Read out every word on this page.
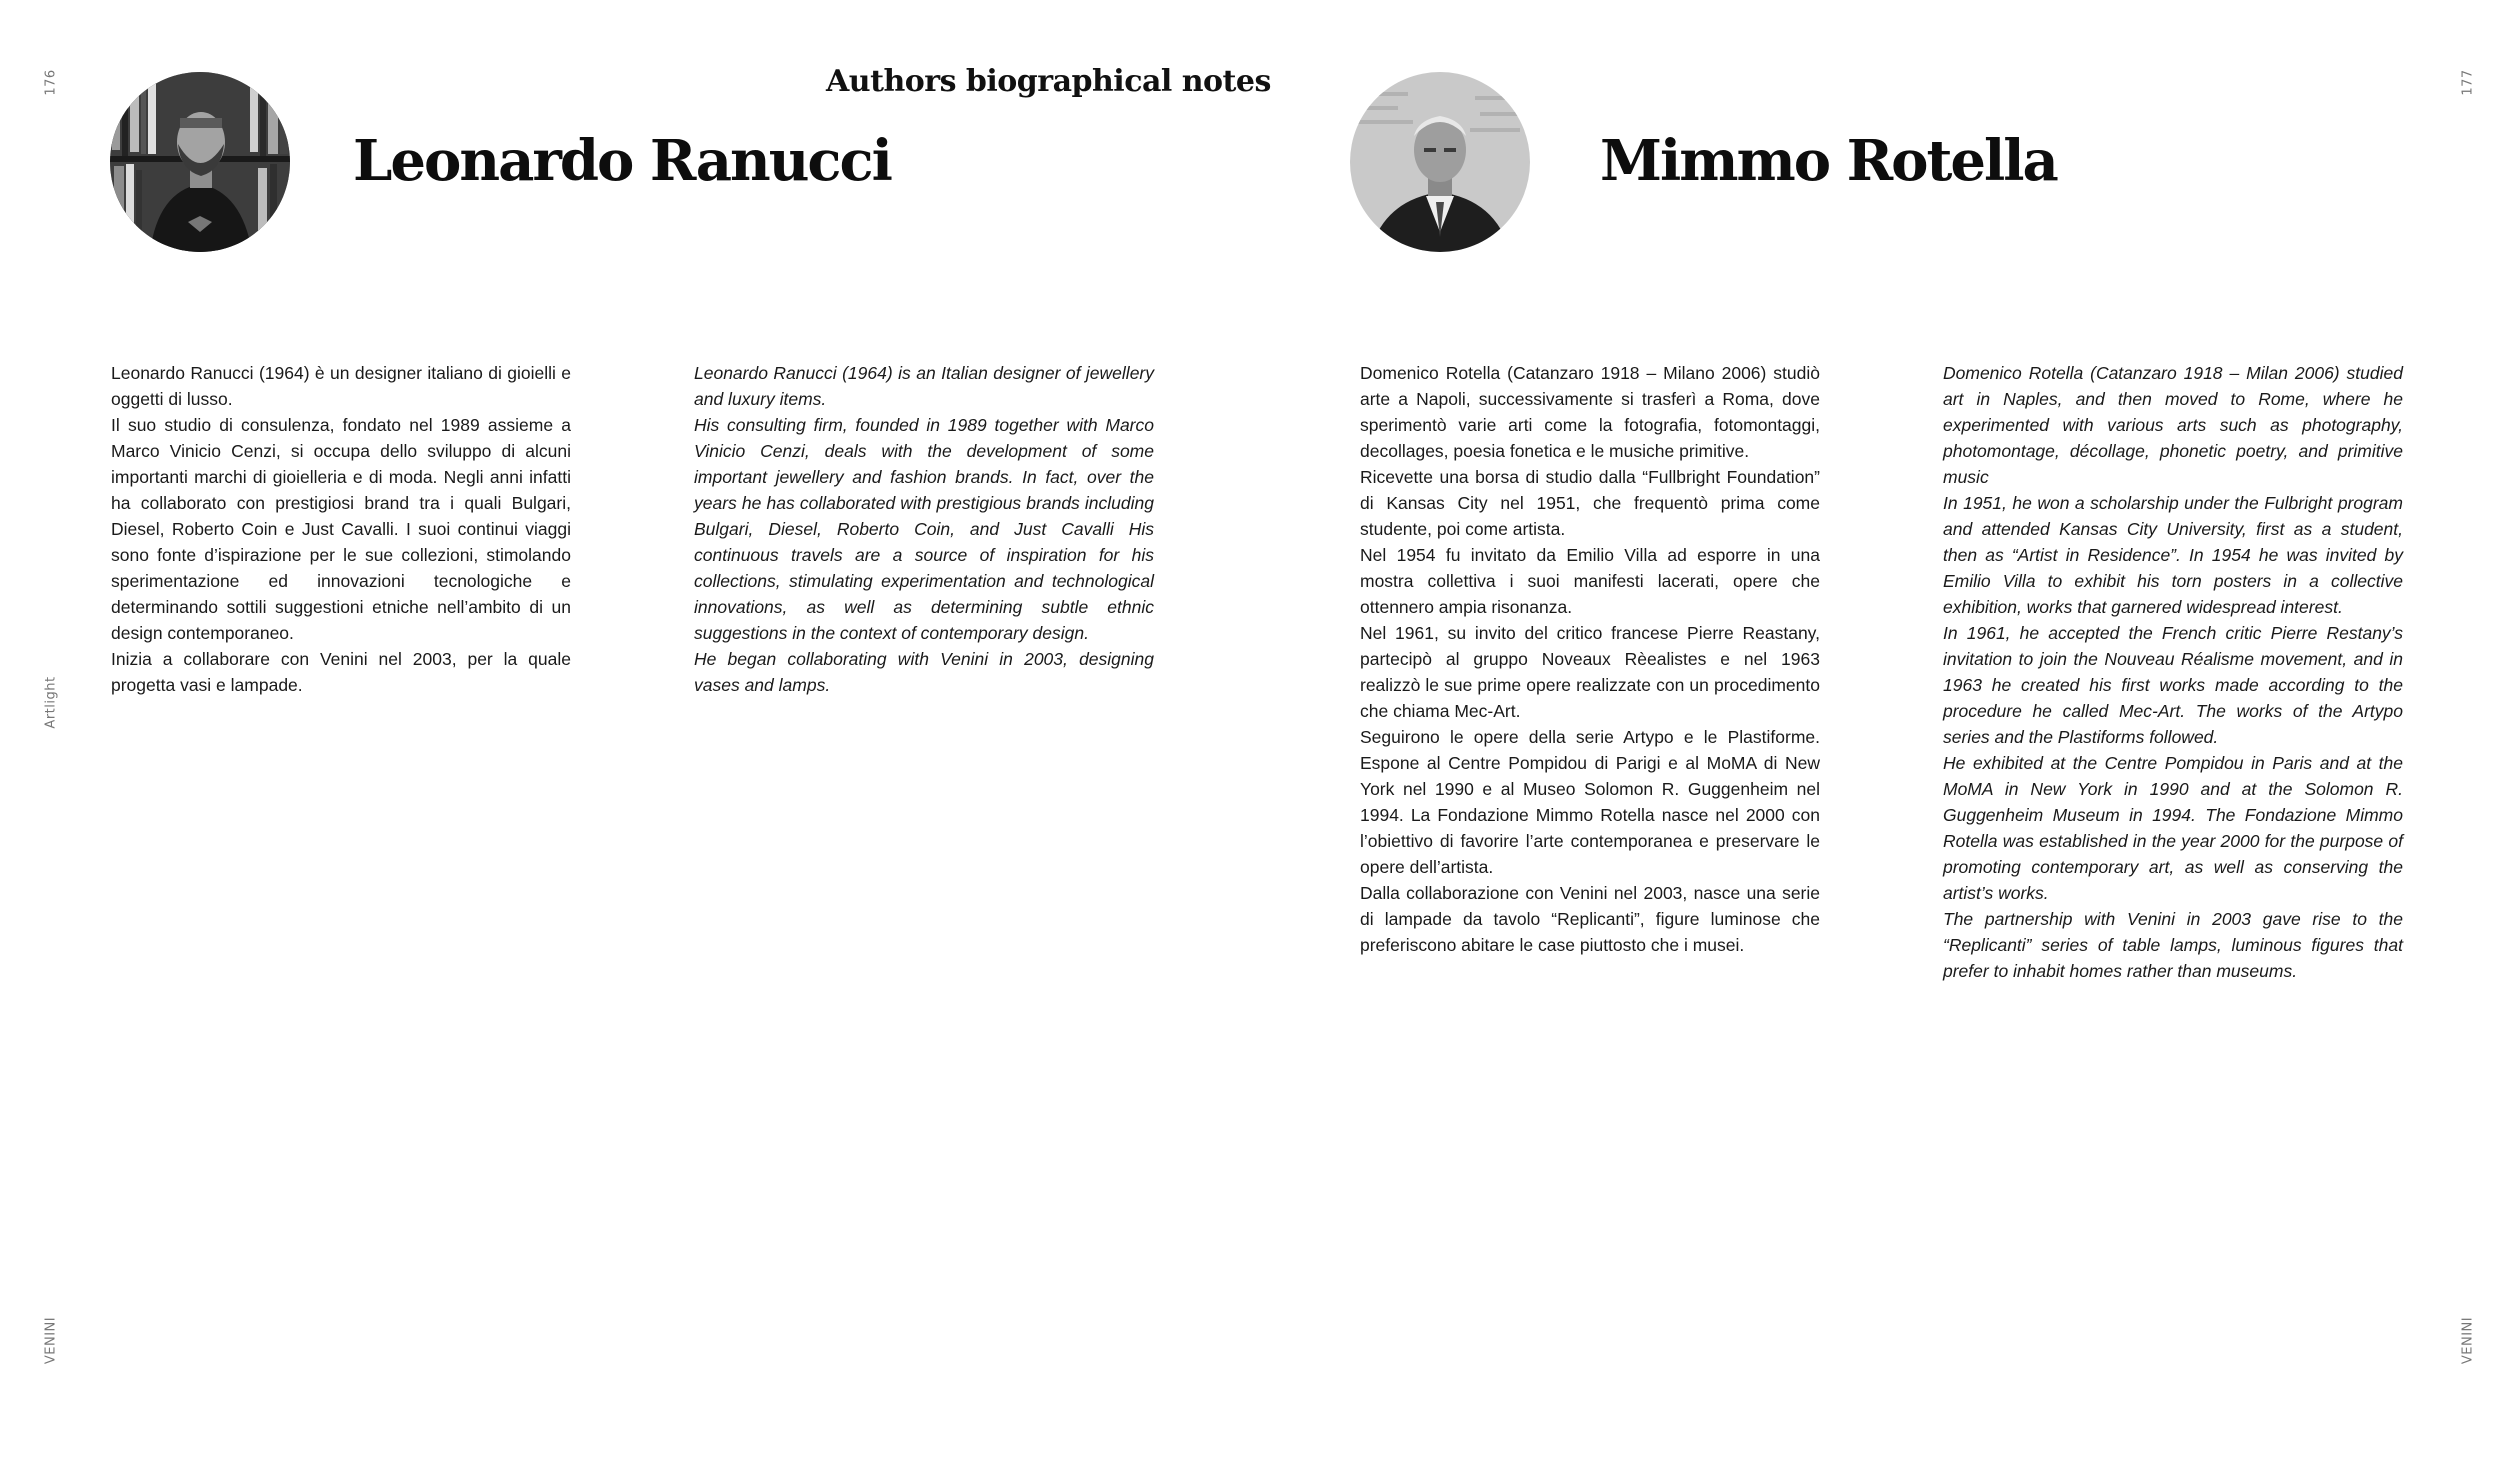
176	177
Artlight
VENINI	VENINI
Authors biographical notes
Leonardo Ranucci	Mimmo Rotella

Leonardo Ranucci (1964) è un designer italiano di gioielli e oggetti di lusso.

Il suo studio di consulenza, fondato nel 1989 assieme a Marco Vinicio Cenzi, si occupa dello sviluppo di alcuni importanti marchi di gioielleria e di moda. Negli anni infatti ha collaborato con prestigiosi brand tra i quali Bulgari, Diesel, Roberto Coin e Just Cavalli. I suoi continui viaggi sono fonte d’ispirazione per le sue collezioni, stimolando sperimentazione ed innovazioni tecnologiche e determinando sottili suggestioni etniche nell’ambito di un design contemporaneo.

Inizia a collaborare con Venini nel 2003, per la quale progetta vasi e lampade.

Leonardo Ranucci (1964) is an Italian designer of jewellery and luxury items.

His consulting firm, founded in 1989 together with Marco Vinicio Cenzi, deals with the development of some important jewellery and fashion brands. In fact, over the years he has collaborated with prestigious brands including Bulgari, Diesel, Roberto Coin, and Just Cavalli His continuous travels are a source of inspiration for his collections, stimulating experimentation and technological innovations, as well as determining subtle ethnic suggestions in the context of contemporary design.

He began collaborating with Venini in 2003, designing vases and lamps.

Domenico Rotella (Catanzaro 1918 – Milano 2006) studiò arte a Napoli, successivamente si trasferì a Roma, dove sperimentò varie arti come la fotografia, fotomontaggi, decollages, poesia fonetica e le musiche primitive.

Ricevette una borsa di studio dalla “Fullbright Foundation” di Kansas City nel 1951, che frequentò prima come studente, poi come artista.

Nel 1954 fu invitato da Emilio Villa ad esporre in una mostra collettiva i suoi manifesti lacerati, opere che ottennero ampia risonanza.

Nel 1961, su invito del critico francese Pierre Reastany, partecipò al gruppo Noveaux Rèealistes e nel 1963 realizzò le sue prime opere realizzate con un procedimento che chiama Mec-Art.

Seguirono le opere della serie Artypo e le Plastiforme. Espone al Centre Pompidou di Parigi e al MoMA di New York nel 1990 e al Museo Solomon R. Guggenheim nel 1994. La Fondazione Mimmo Rotella nasce nel 2000 con l’obiettivo di favorire l’arte contemporanea e preservare le opere dell’artista.

Dalla collaborazione con Venini nel 2003, nasce una serie di lampade da tavolo “Replicanti”, figure luminose che preferiscono abitare le case piuttosto che i musei.

Domenico Rotella (Catanzaro 1918 – Milan 2006) studied art in Naples, and then moved to Rome, where he experimented with various arts such as photography, photomontage, décollage, phonetic poetry, and primitive music

In 1951, he won a scholarship under the Fulbright program and attended Kansas City University, first as a student, then as “Artist in Residence”. In 1954 he was invited by Emilio Villa to exhibit his torn posters in a collective exhibition, works that garnered widespread interest.

In 1961, he accepted the French critic Pierre Restany’s invitation to join the Nouveau Réalisme movement, and in 1963 he created his first works made according to the procedure he called Mec-Art. The works of the Artypo series and the Plastiforms followed.

He exhibited at the Centre Pompidou in Paris and at the MoMA in New York in 1990 and at the Solomon R. Guggenheim Museum in 1994. The Fondazione Mimmo Rotella was established in the year 2000 for the purpose of promoting contemporary art, as well as conserving the artist’s works.

The partnership with Venini in 2003 gave rise to the “Replicanti” series of table lamps, luminous figures that prefer to inhabit homes rather than museums.
